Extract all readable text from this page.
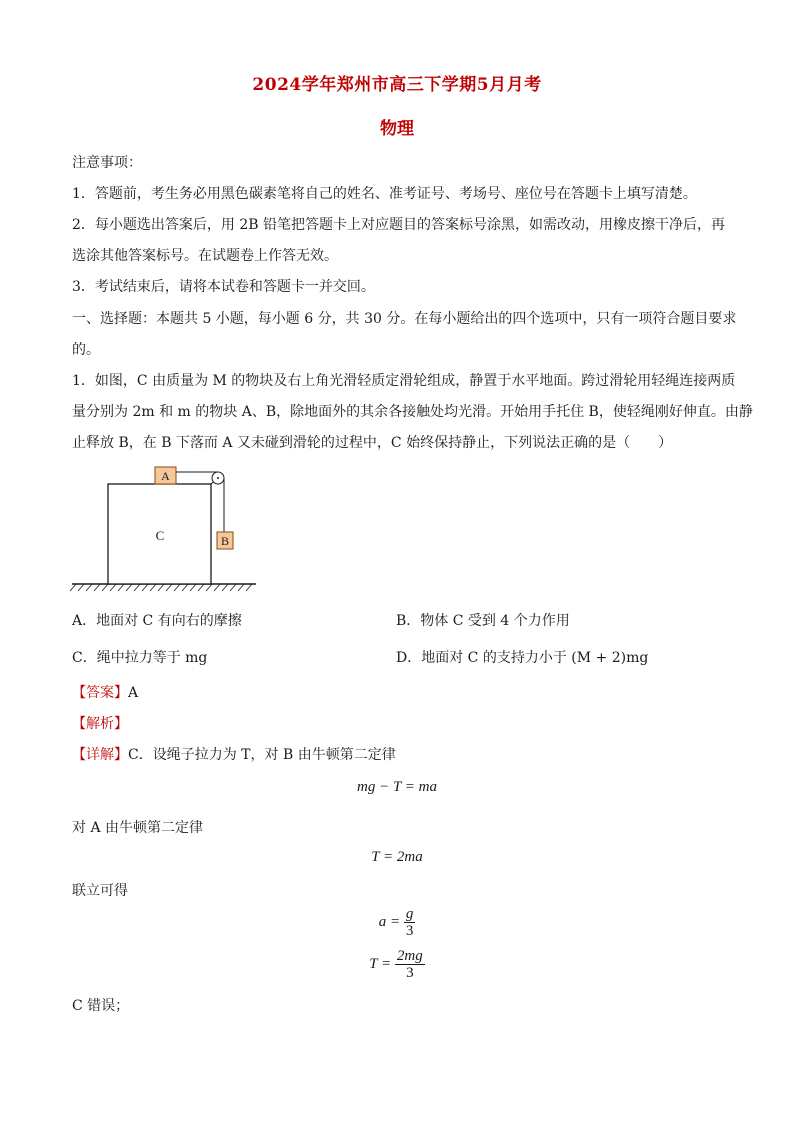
2024学年郑州市高三下学期5月月考
物理
注意事项：
1．答题前，考生务必用黑色碳素笔将自己的姓名、准考证号、考场号、座位号在答题卡上填写清楚。
2．每小题选出答案后，用 2B 铅笔把答题卡上对应题目的答案标号涂黑，如需改动，用橡皮擦干净后，再
选涂其他答案标号。在试题卷上作答无效。
3．考试结束后，请将本试卷和答题卡一并交回。
一、选择题：本题共 5 小题，每小题 6 分，共 30 分。在每小题给出的四个选项中，只有一项符合题目要求
的。
1．如图，C 由质量为 M 的物块及右上角光滑轻质定滑轮组成，静置于水平地面。跨过滑轮用轻绳连接两质
量分别为 2m 和 m 的物块 A、B，除地面外的其余各接触处均光滑。开始用手托住 B，使轻绳刚好伸直。由静
止释放 B，在 B 下落而 A 又未碰到滑轮的过程中，C 始终保持静止，下列说法正确的是（　　）
C
A
B
A．地面对 C 有向右的摩擦	B．物体 C 受到 4 个力作用
C．绳中拉力等于 mg	D．地面对 C 的支持力小于 (M + 2)mg
【答案】A
【解析】
【详解】C．设绳子拉力为 T，对 B 由牛顿第二定律
mg − T = ma
对 A 由牛顿第二定律
T = 2ma
联立可得
$a = \frac{g}{3}$
$T = \frac{2mg}{3}$
C 错误；
